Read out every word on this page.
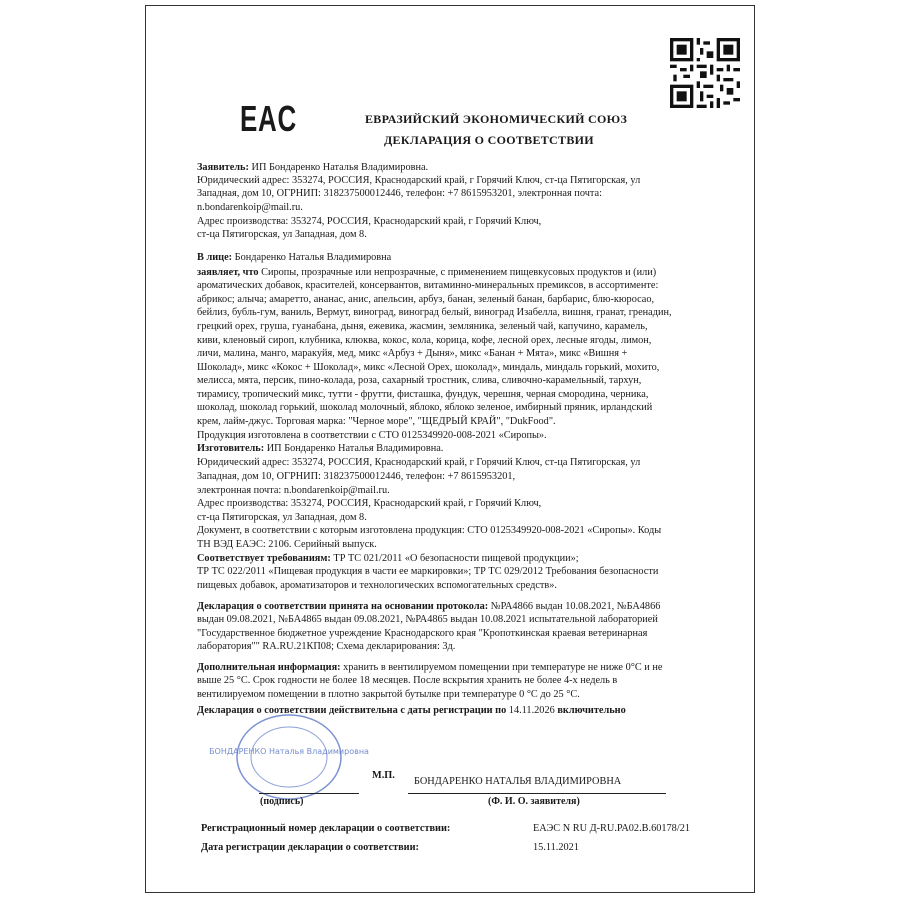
EAC	ЕВРАЗИЙСКИЙ ЭКОНОМИЧЕСКИЙ СОЮЗ
ДЕКЛАРАЦИЯ О СООТВЕТСТВИИ
Заявитель: ИП Бондаренко Наталья Владимировна.
Юридический адрес: 353274, РОССИЯ, Краснодарский край, г Горячий Ключ, ст-ца Пятигорская, ул
Западная, дом 10, ОГРНИП: 318237500012446, телефон: +7 8615953201, электронная почта:
n.bondarenkoip@mail.ru.
Адрес производства: 353274, РОССИЯ, Краснодарский край, г Горячий Ключ,
ст-ца Пятигорская, ул Западная, дом 8.
В лице: Бондаренко Наталья Владимировна
заявляет, что Сиропы, прозрачные или непрозрачные, с применением пищевкусовых продуктов и (или)
ароматических добавок, красителей, консервантов, витаминно-минеральных премиксов, в ассортименте:
абрикос; алыча; амаретто, ананас, анис, апельсин, арбуз, банан, зеленый банан, барбарис, блю-кюросао,
бейлиз, бубль-гум, ваниль, Вермут, виноград, виноград белый, виноград Изабелла, вишня, гранат, гренадин,
грецкий орех, груша, гуанабана, дыня, ежевика, жасмин, земляника, зеленый чай, капучино, карамель,
киви, кленовый сироп, клубника, клюква, кокос, кола, корица, кофе, лесной орех, лесные ягоды, лимон,
личи, малина, манго, маракуйя, мед, микс «Арбуз + Дыня», микс «Банан + Мята», микс «Вишня +
Шоколад», микс «Кокос + Шоколад», микс «Лесной Орех, шоколад», миндаль, миндаль горький, мохито,
мелисса, мята, персик, пино-колада, роза, сахарный тростник, слива, сливочно-карамельный, тархун,
тирамису, тропический микс, тутти - фрутти, фисташка, фундук, черешня, черная смородина, черника,
шоколад, шоколад горький, шоколад молочный, яблоко, яблоко зеленое, имбирный пряник, ирландский
крем, лайм-джус. Торговая марка: "Черное море", "ЩЕДРЫЙ КРАЙ", "DukFood".
Продукция изготовлена в соответствии с СТО 0125349920-008-2021 «Сиропы».
Изготовитель: ИП Бондаренко Наталья Владимировна.
Юридический адрес: 353274, РОССИЯ, Краснодарский край, г Горячий Ключ, ст-ца Пятигорская, ул
Западная, дом 10, ОГРНИП: 318237500012446, телефон: +7 8615953201,
электронная почта: n.bondarenkoip@mail.ru.
Адрес производства: 353274, РОССИЯ, Краснодарский край, г Горячий Ключ,
ст-ца Пятигорская, ул Западная, дом 8.
Документ, в соответствии с которым изготовлена продукция: СТО 0125349920-008-2021 «Сиропы». Коды
ТН ВЭД ЕАЭС: 2106. Серийный выпуск.
Соответствует требованиям: ТР ТС 021/2011 «О безопасности пищевой продукции»;
ТР ТС 022/2011 «Пищевая продукция в части ее маркировки»; ТР ТС 029/2012 Требования безопасности
пищевых добавок, ароматизаторов и технологических вспомогательных средств».
Декларация о соответствии принята на основании протокола: №РА4866 выдан 10.08.2021, №БА4866
выдан 09.08.2021, №БА4865 выдан 09.08.2021, №РА4865 выдан 10.08.2021 испытательной лабораторией
"Государственное бюджетное учреждение Краснодарского края "Кропоткинская краевая ветеринарная
лаборатория"" RA.RU.21КП08; Схема декларирования: 3д.
Дополнительная информация: хранить в вентилируемом помещении при температуре не ниже 0°С и не
выше 25 °С. Срок годности не более 18 месяцев. После вскрытия хранить не более 4-х недель в
вентилируемом помещении в плотно закрытой бутылке при температуре 0 °С до 25 °С.
Декларация о соответствии действительна с даты регистрации по 14.11.2026 включительно
БОНДАРЕНКО Наталья Владимировна
М.П.
БОНДАРЕНКО НАТАЛЬЯ ВЛАДИМИРОВНА
(подпись)	(Ф. И. О. заявителя)
Регистрационный номер декларации о соответствии:	ЕАЭС N RU Д-RU.РА02.В.60178/21
Дата регистрации декларации о соответствии:	15.11.2021
